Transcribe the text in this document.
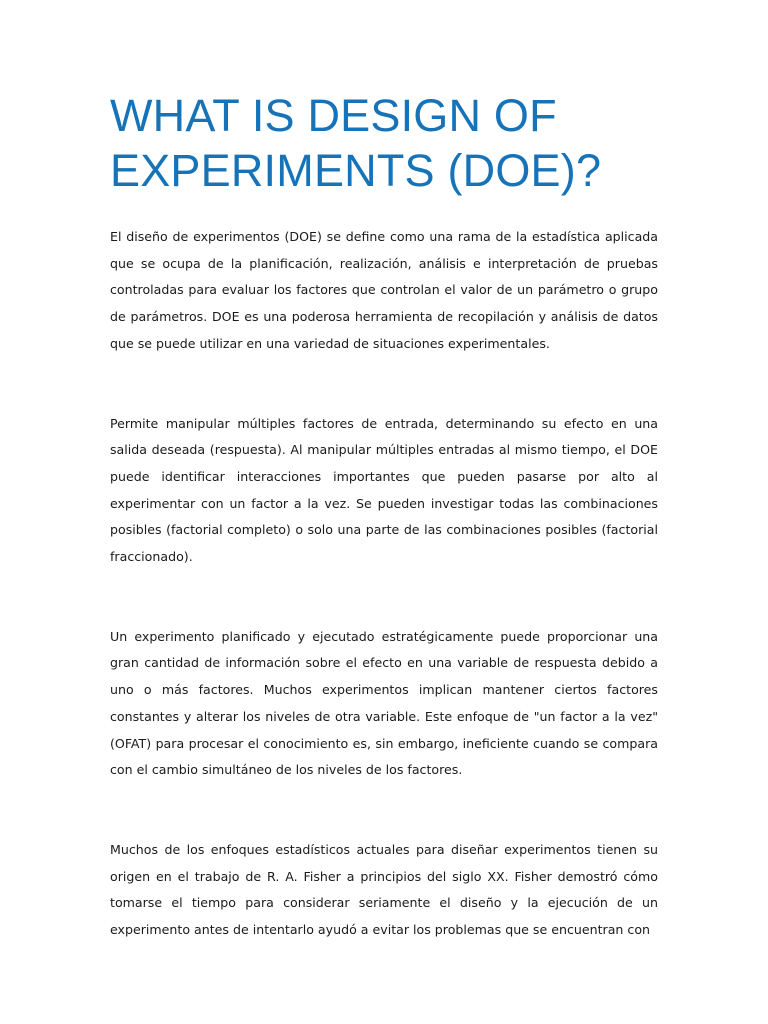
WHAT IS DESIGN OF EXPERIMENTS (DOE)?

El diseño de experimentos (DOE) se define como una rama de la estadística aplicada que se ocupa de la planificación, realización, análisis e interpretación de pruebas controladas para evaluar los factores que controlan el valor de un parámetro o grupo de parámetros. DOE es una poderosa herramienta de recopilación y análisis de datos que se puede utilizar en una variedad de situaciones experimentales.

Permite manipular múltiples factores de entrada, determinando su efecto en una salida deseada (respuesta). Al manipular múltiples entradas al mismo tiempo, el DOE puede identificar interacciones importantes que pueden pasarse por alto al experimentar con un factor a la vez. Se pueden investigar todas las combinaciones posibles (factorial completo) o solo una parte de las combinaciones posibles (factorial fraccionado).

Un experimento planificado y ejecutado estratégicamente puede proporcionar una gran cantidad de información sobre el efecto en una variable de respuesta debido a uno o más factores. Muchos experimentos implican mantener ciertos factores constantes y alterar los niveles de otra variable. Este enfoque de "un factor a la vez" (OFAT) para procesar el conocimiento es, sin embargo, ineficiente cuando se compara con el cambio simultáneo de los niveles de los factores.

Muchos de los enfoques estadísticos actuales para diseñar experimentos tienen su origen en el trabajo de R. A. Fisher a principios del siglo XX. Fisher demostró cómo tomarse el tiempo para considerar seriamente el diseño y la ejecución de un experimento antes de intentarlo ayudó a evitar los problemas que se encuentran con
